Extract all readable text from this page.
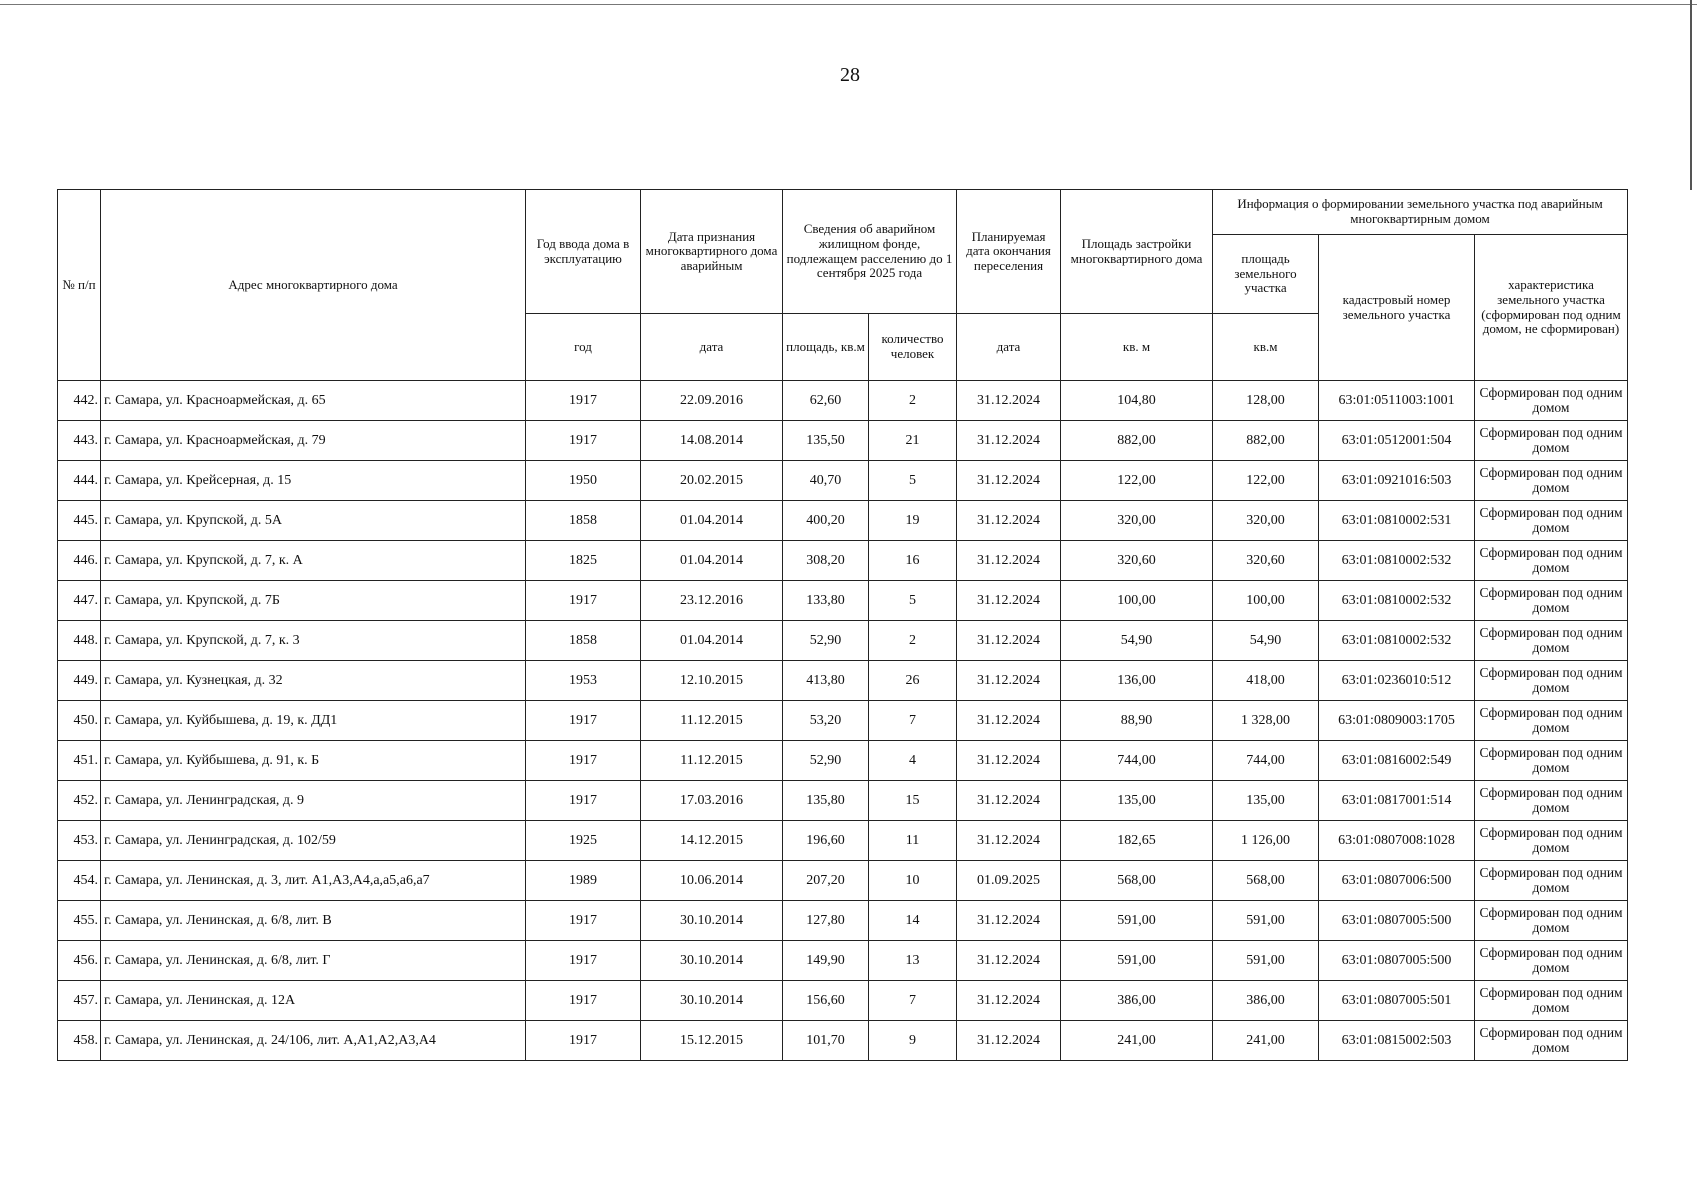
28
№ п/п	Адрес многоквартирного дома	Год ввода дома в эксплуатацию	Дата признания многоквартирного дома аварийным	Сведения об аварийном жилищном фонде, подлежащем расселению до 1 сентября 2025 года		Планируемая дата окончания переселения	Площадь застройки многоквартирного дома	Информация о формировании земельного участка под аварийным многоквартирным домом		
								площадь земельного участка	кадастровый номер земельного участка	характеристика земельного участка (сформирован под одним домом, не сформирован)
		год	дата	площадь, кв.м	количество человек	дата	кв. м	кв.м		
442.	г. Самара, ул. Красноармейская, д. 65	1917	22.09.2016	62,60	2	31.12.2024	104,80	128,00	63:01:0511003:1001	Сформирован под одним домом
443.	г. Самара, ул. Красноармейская, д. 79	1917	14.08.2014	135,50	21	31.12.2024	882,00	882,00	63:01:0512001:504	Сформирован под одним домом
444.	г. Самара, ул. Крейсерная, д. 15	1950	20.02.2015	40,70	5	31.12.2024	122,00	122,00	63:01:0921016:503	Сформирован под одним домом
445.	г. Самара, ул. Крупской, д. 5А	1858	01.04.2014	400,20	19	31.12.2024	320,00	320,00	63:01:0810002:531	Сформирован под одним домом
446.	г. Самара, ул. Крупской, д. 7, к. А	1825	01.04.2014	308,20	16	31.12.2024	320,60	320,60	63:01:0810002:532	Сформирован под одним домом
447.	г. Самара, ул. Крупской, д. 7Б	1917	23.12.2016	133,80	5	31.12.2024	100,00	100,00	63:01:0810002:532	Сформирован под одним домом
448.	г. Самара, ул. Крупской, д. 7, к. 3	1858	01.04.2014	52,90	2	31.12.2024	54,90	54,90	63:01:0810002:532	Сформирован под одним домом
449.	г. Самара, ул. Кузнецкая, д. 32	1953	12.10.2015	413,80	26	31.12.2024	136,00	418,00	63:01:0236010:512	Сформирован под одним домом
450.	г. Самара, ул. Куйбышева, д. 19, к. ДД1	1917	11.12.2015	53,20	7	31.12.2024	88,90	1 328,00	63:01:0809003:1705	Сформирован под одним домом
451.	г. Самара, ул. Куйбышева, д. 91, к. Б	1917	11.12.2015	52,90	4	31.12.2024	744,00	744,00	63:01:0816002:549	Сформирован под одним домом
452.	г. Самара, ул. Ленинградская, д. 9	1917	17.03.2016	135,80	15	31.12.2024	135,00	135,00	63:01:0817001:514	Сформирован под одним домом
453.	г. Самара, ул. Ленинградская, д. 102/59	1925	14.12.2015	196,60	11	31.12.2024	182,65	1 126,00	63:01:0807008:1028	Сформирован под одним домом
454.	г. Самара, ул. Ленинская, д. 3, лит. А1,А3,А4,а,а5,а6,а7	1989	10.06.2014	207,20	10	01.09.2025	568,00	568,00	63:01:0807006:500	Сформирован под одним домом
455.	г. Самара, ул. Ленинская, д. 6/8, лит. В	1917	30.10.2014	127,80	14	31.12.2024	591,00	591,00	63:01:0807005:500	Сформирован под одним домом
456.	г. Самара, ул. Ленинская, д. 6/8, лит. Г	1917	30.10.2014	149,90	13	31.12.2024	591,00	591,00	63:01:0807005:500	Сформирован под одним домом
457.	г. Самара, ул. Ленинская, д. 12А	1917	30.10.2014	156,60	7	31.12.2024	386,00	386,00	63:01:0807005:501	Сформирован под одним домом
458.	г. Самара, ул. Ленинская, д. 24/106, лит. А,А1,А2,А3,А4	1917	15.12.2015	101,70	9	31.12.2024	241,00	241,00	63:01:0815002:503	Сформирован под одним домом
